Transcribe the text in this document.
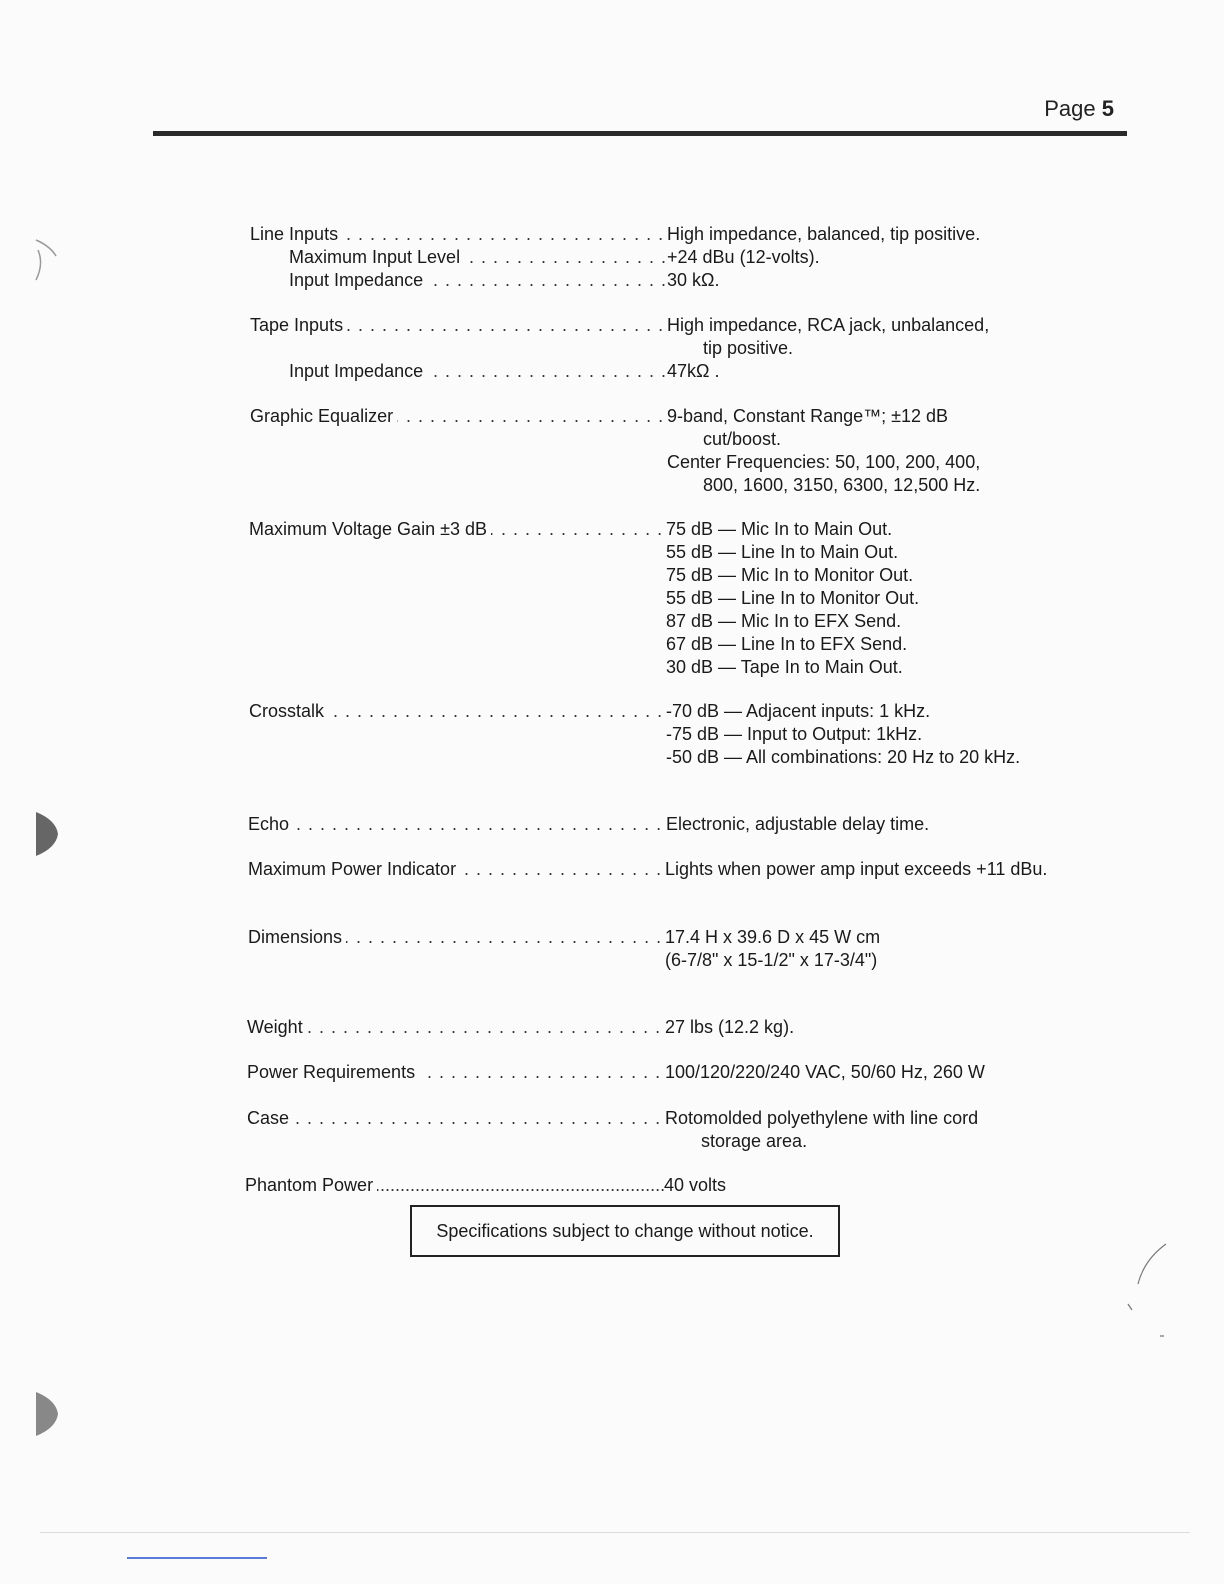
Page 5
Line Inputs . . .	High impedance, balanced, tip positive.
Maximum Input Level . . .	+24 dBu (12-volts).
Input Impedance . . .	30 kΩ.
Tape Inputs . . .	High impedance, RCA jack, unbalanced,
tip positive.
Input Impedance . . .	47kΩ .
Graphic Equalizer . . .	9-band, Constant Range™; ±12 dB
cut/boost.
Center Frequencies: 50, 100, 200, 400,
800, 1600, 3150, 6300, 12,500 Hz.
Maximum Voltage Gain ±3 dB . . .	75 dB — Mic In to Main Out.
55 dB — Line In to Main Out.
75 dB — Mic In to Monitor Out.
55 dB — Line In to Monitor Out.
87 dB — Mic In to EFX Send.
67 dB — Line In to EFX Send.
30 dB — Tape In to Main Out.
Crosstalk . . .	-70 dB — Adjacent inputs: 1 kHz.
-75 dB — Input to Output: 1kHz.
-50 dB — All combinations: 20 Hz to 20 kHz.
Echo . . .	Electronic, adjustable delay time.
Maximum Power Indicator . . .	Lights when power amp input exceeds +11 dBu.
Dimensions . . .	17.4 H x 39.6 D x 45 W cm
(6-7/8" x 15-1/2" x 17-3/4")
Weight . . .	27 lbs (12.2 kg).
Power Requirements . . .	100/120/220/240 VAC, 50/60 Hz, 260 W
Case . . .	Rotomolded polyethylene with line cord
storage area.
Phantom Power .....	40 volts
Specifications subject to change without notice.
